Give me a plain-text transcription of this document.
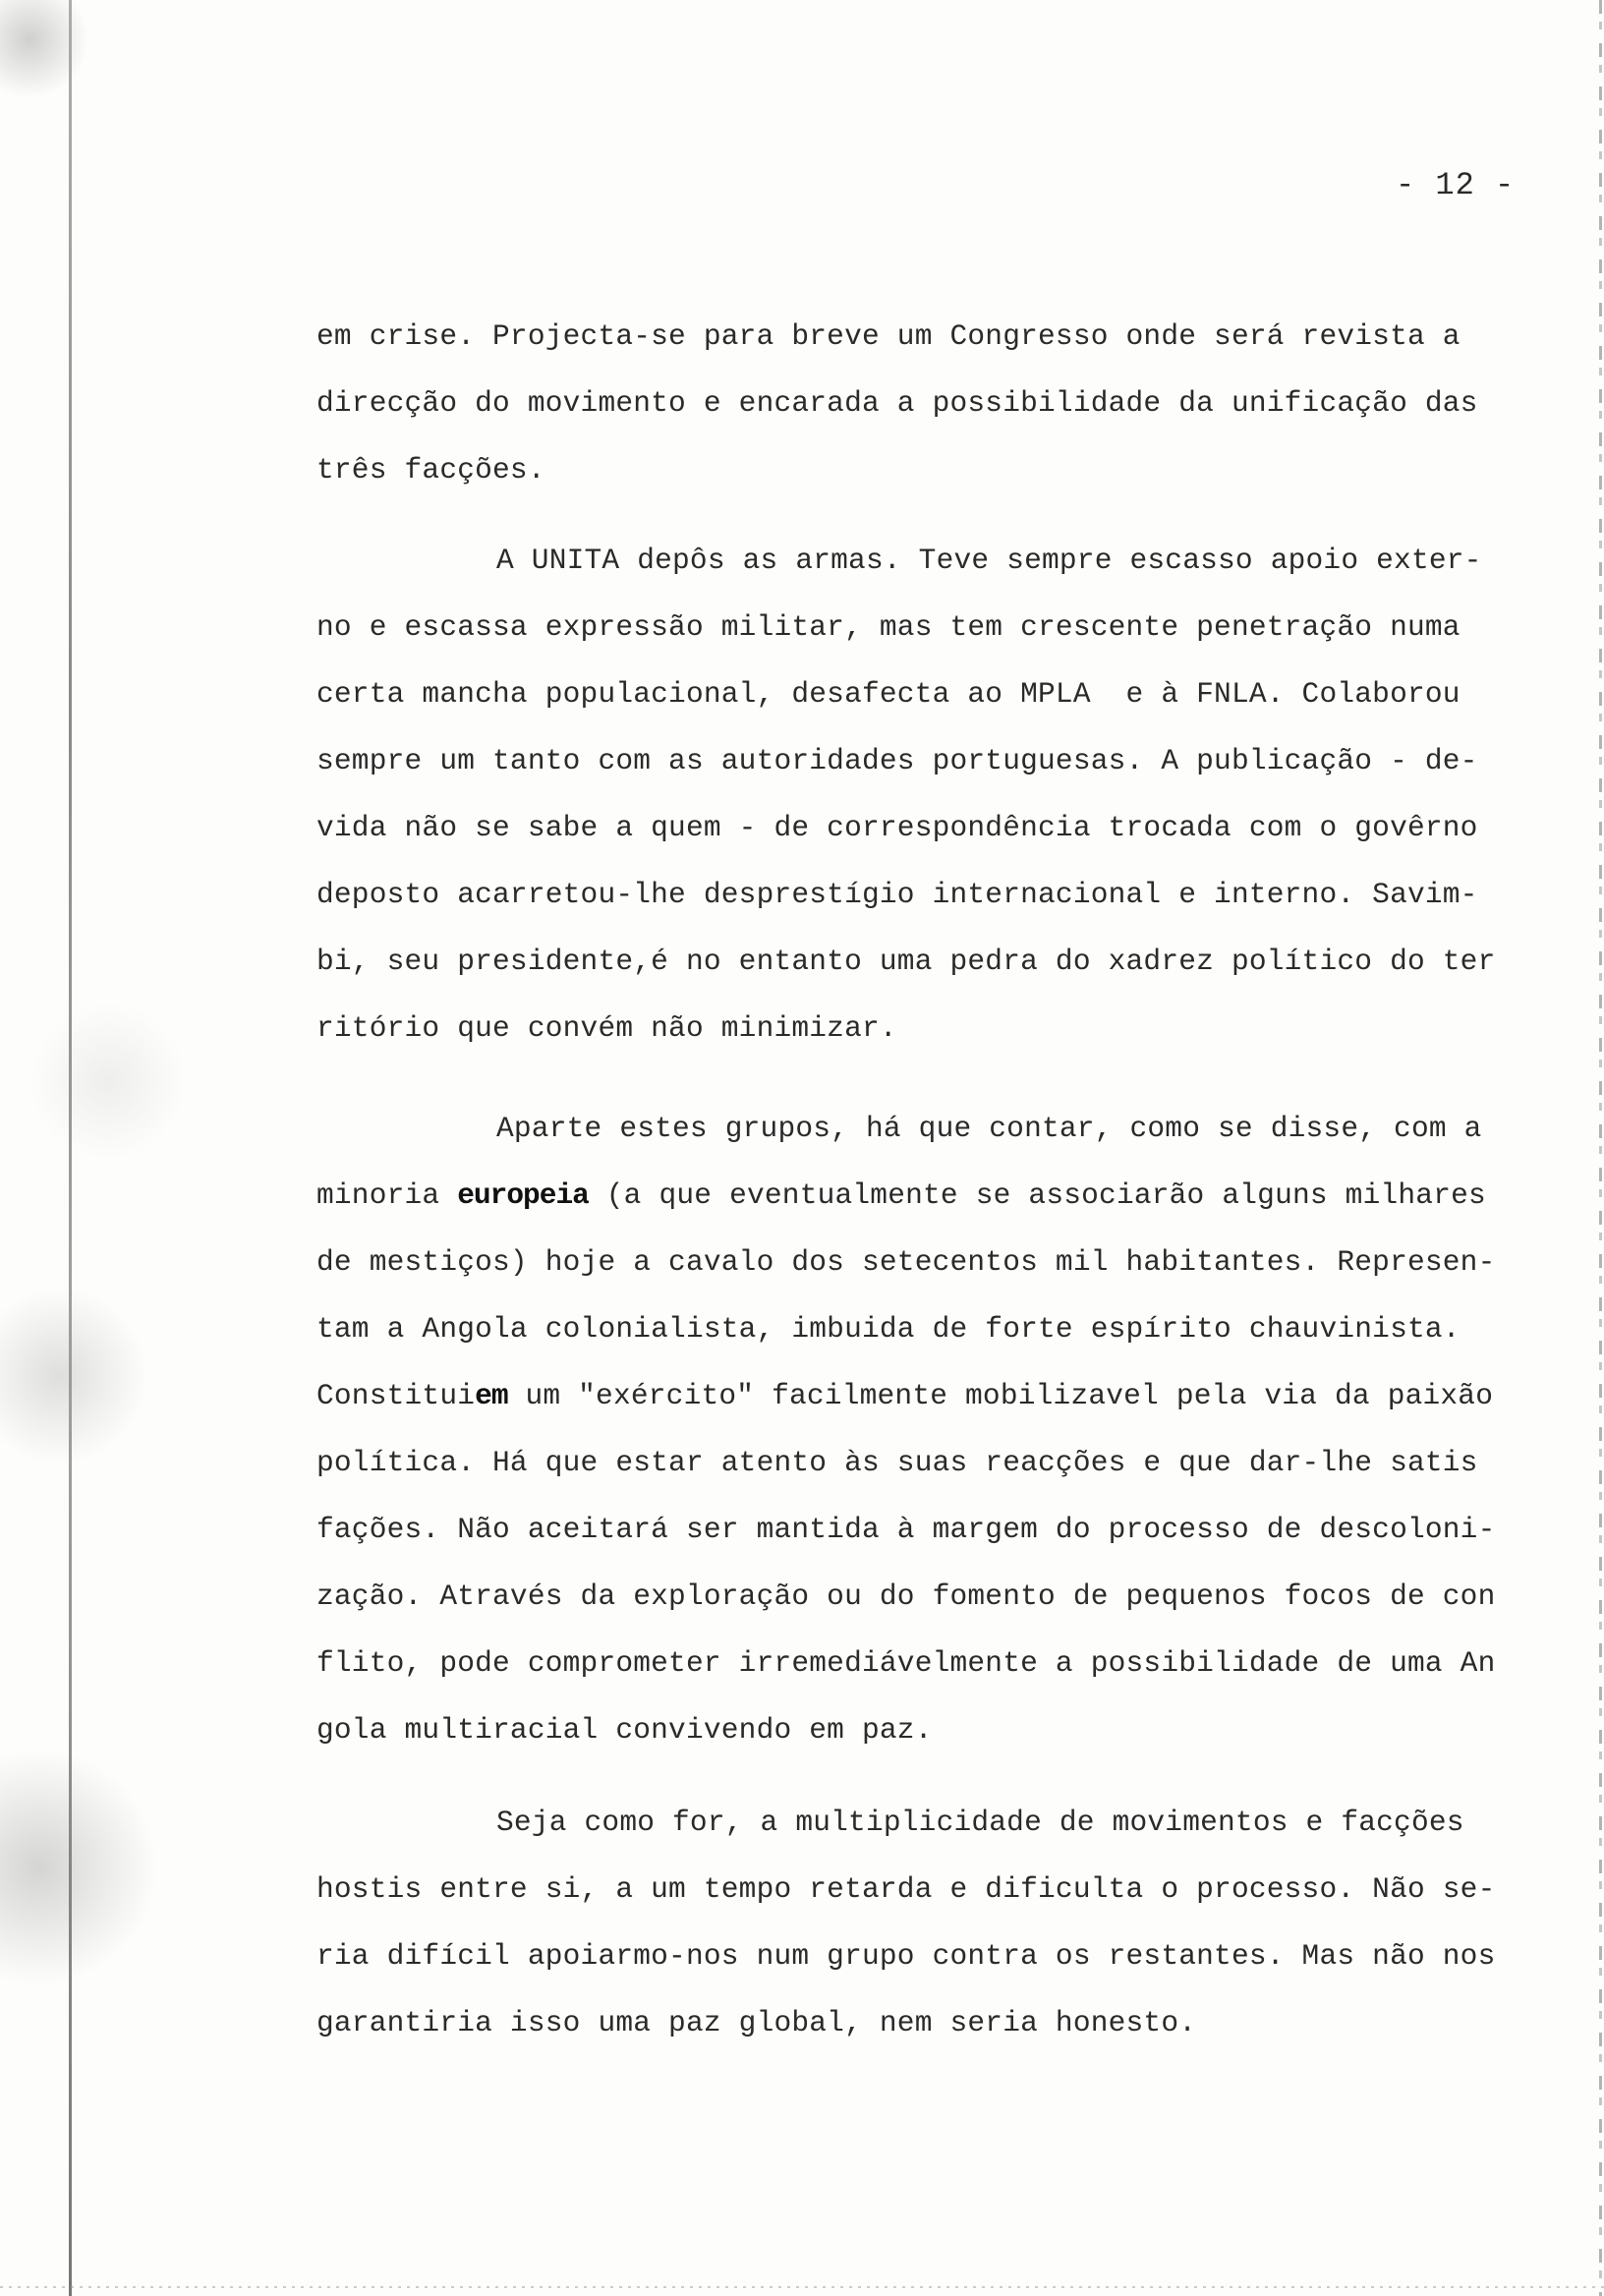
- 12 -
em crise. Projecta-se para breve um Congresso onde será revista a
direcção do movimento e encarada a possibilidade da unificação das
três facções.
A UNITA depôs as armas. Teve sempre escasso apoio exter-
no e escassa expressão militar, mas tem crescente penetração numa
certa mancha populacional, desafecta ao MPLA  e à FNLA. Colaborou
sempre um tanto com as autoridades portuguesas. A publicação - de-
vida não se sabe a quem - de correspondência trocada com o govêrno
deposto acarretou-lhe desprestígio internacional e interno. Savim-
bi, seu presidente,é no entanto uma pedra do xadrez político do ter
ritório que convém não minimizar.
Aparte estes grupos, há que contar, como se disse, com a
minoria europeia (a que eventualmente se associarão alguns milhares
de mestiços) hoje a cavalo dos setecentos mil habitantes. Represen-
tam a Angola colonialista, imbuida de forte espírito chauvinista.
Constituiem um "exército" facilmente mobilizavel pela via da paixão
política. Há que estar atento às suas reacções e que dar-lhe satis
fações. Não aceitará ser mantida à margem do processo de descoloni-
zação. Através da exploração ou do fomento de pequenos focos de con
flito, pode comprometer irremediávelmente a possibilidade de uma An
gola multiracial convivendo em paz.
Seja como for, a multiplicidade de movimentos e facções
hostis entre si, a um tempo retarda e dificulta o processo. Não se-
ria difícil apoiarmo-nos num grupo contra os restantes. Mas não nos
garantiria isso uma paz global, nem seria honesto.
